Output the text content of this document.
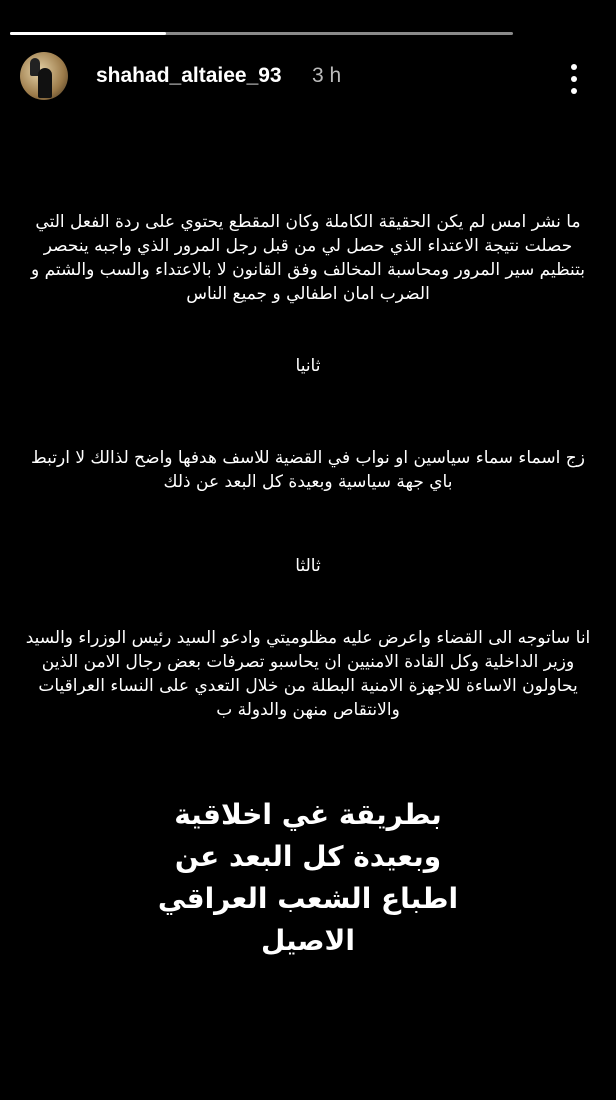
shahad_altaiee_93 3 h
ما نشر امس لم يكن الحقيقة الكاملة وكان المقطع يحتوي على ردة الفعل التي حصلت نتيجة الاعتداء الذي حصل لي من قبل رجل المرور الذي واجبه ينحصر بتنظيم سير المرور ومحاسبة المخالف وفق القانون لا بالاعتداء والسب والشتم و الضرب امان اطفالي و جميع الناس
ثانيا
زج اسماء سماء سياسين او نواب في القضية للاسف هدفها واضح لذالك لا ارتبط باي جهة سياسية وبعيدة كل البعد عن ذلك
ثالثا
انا ساتوجه الى القضاء واعرض عليه مظلوميتي وادعو السيد رئيس الوزراء والسيد وزير الداخلية وكل القادة الامنيين ان يحاسبو تصرفات بعض رجال الامن الذين يحاولون الاساءة للاجهزة الامنية البطلة من خلال التعدي على النساء العراقيات والانتقاص منهن والدولة ب
بطريقة غي اخلاقية وبعيدة كل البعد عن اطباع الشعب العراقي الاصيل
